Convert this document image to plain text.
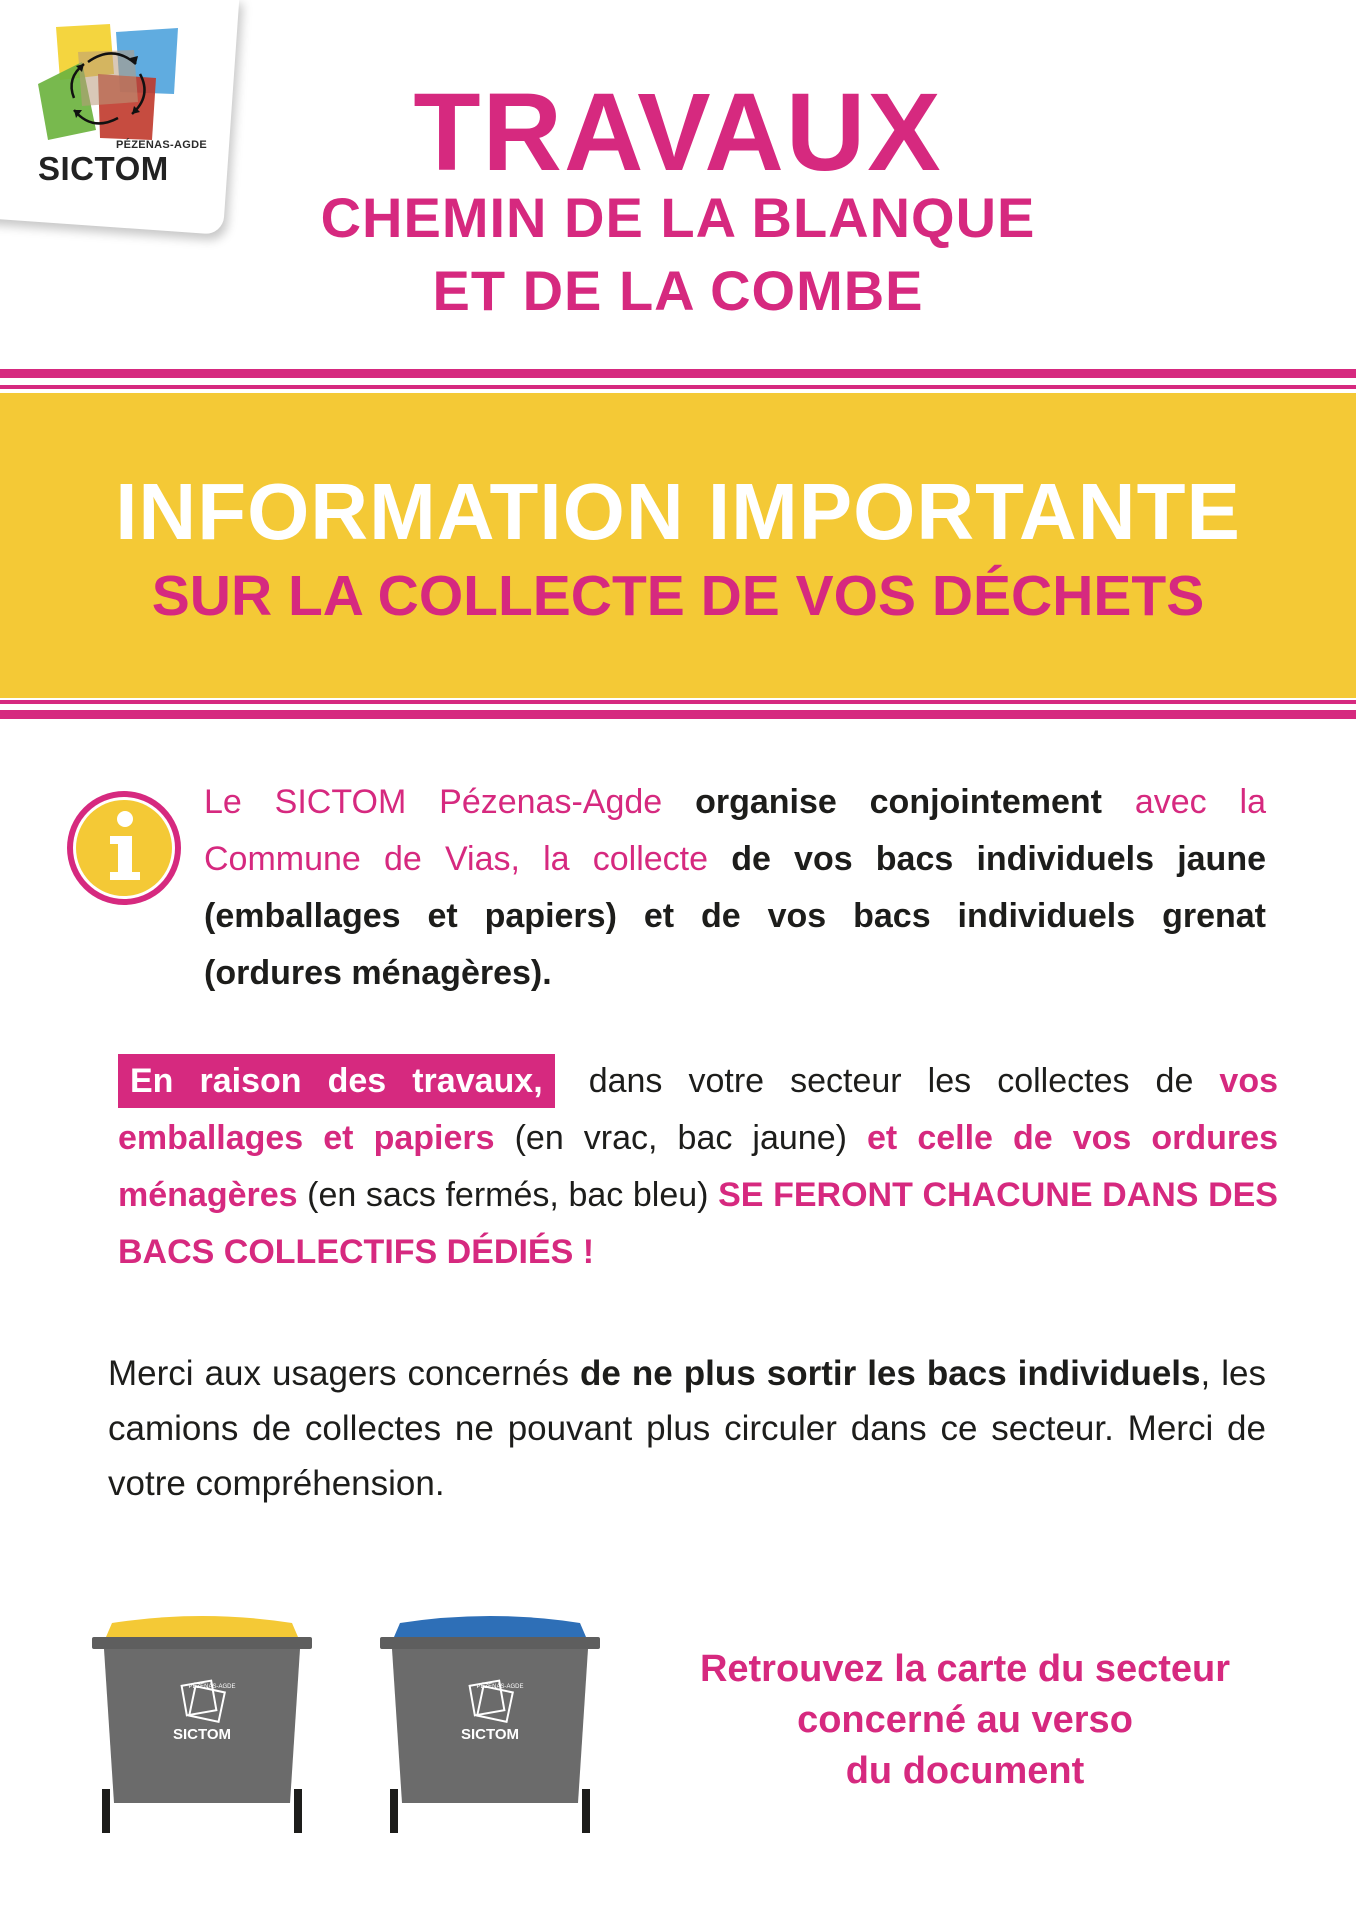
PÉZENAS-AGDE
SICTOM	TRAVAUX
CHEMIN DE LA BLANQUE
ET DE LA COMBE
INFORMATION IMPORTANTE
SUR LA COLLECTE DE VOS DÉCHETS
Le SICTOM Pézenas-Agde organise conjointement avec la Commune de Vias, la collecte de vos bacs individuels jaune (emballages et papiers) et de vos bacs individuels grenat (ordures ménagères).
En raison des travaux, dans votre secteur les collectes de vos emballages et papiers (en vrac, bac jaune) et celle de vos ordures ménagères (en sacs fermés, bac bleu) SE FERONT CHACUNE DANS DES BACS COLLECTIFS DÉDIÉS !
Merci aux usagers concernés de ne plus sortir les bacs individuels, les camions de collectes ne pouvant plus circuler dans ce secteur. Merci de votre compréhension.
SICTOM
PÉZENAS-AGDE
SICTOM
PÉZENAS-AGDE	Retrouvez la carte du secteur
concerné au verso
du document
